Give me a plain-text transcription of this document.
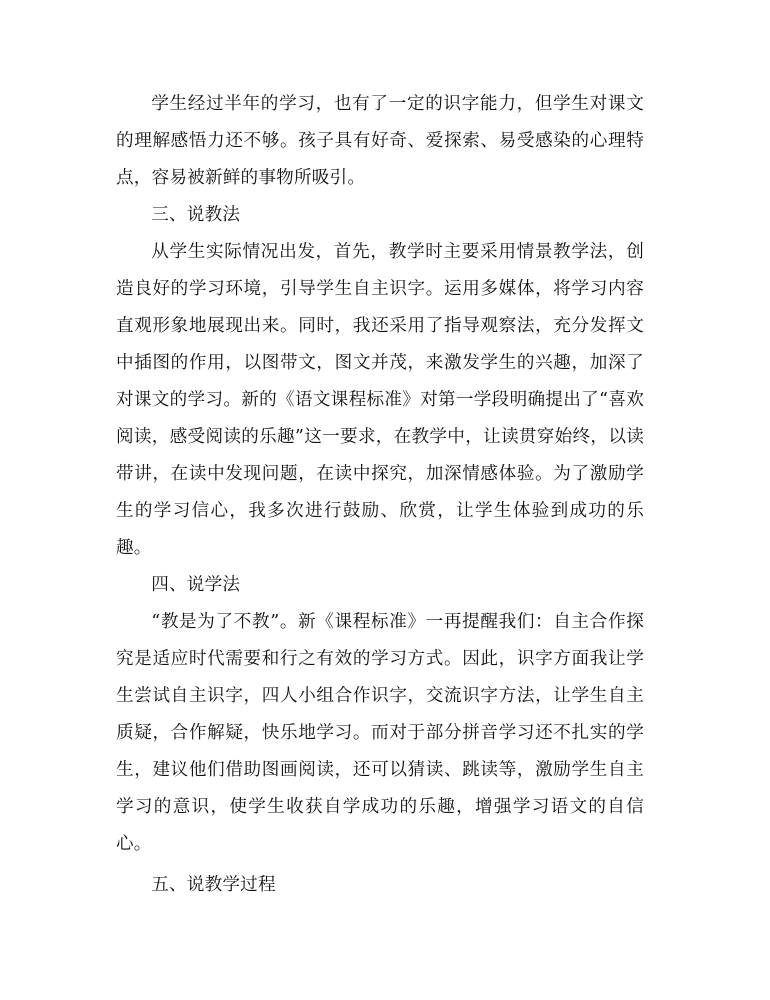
学生经过半年的学习，也有了一定的识字能力，但学生对课文的理解感悟力还不够。孩子具有好奇、爱探索、易受感染的心理特点，容易被新鲜的事物所吸引。

三、说教法

从学生实际情况出发，首先，教学时主要采用情景教学法，创造良好的学习环境，引导学生自主识字。运用多媒体，将学习内容直观形象地展现出来。同时，我还采用了指导观察法，充分发挥文中插图的作用，以图带文，图文并茂，来激发学生的兴趣，加深了对课文的学习。新的《语文课程标准》对第一学段明确提出了“喜欢阅读，感受阅读的乐趣”这一要求，在教学中，让读贯穿始终，以读带讲，在读中发现问题，在读中探究，加深情感体验。为了激励学生的学习信心，我多次进行鼓励、欣赏，让学生体验到成功的乐趣。

四、说学法

“教是为了不教”。新《课程标准》一再提醒我们：自主合作探究是适应时代需要和行之有效的学习方式。因此，识字方面我让学生尝试自主识字，四人小组合作识字，交流识字方法，让学生自主质疑，合作解疑，快乐地学习。而对于部分拼音学习还不扎实的学生，建议他们借助图画阅读，还可以猜读、跳读等，激励学生自主学习的意识，使学生收获自学成功的乐趣，增强学习语文的自信心。

五、说教学过程
